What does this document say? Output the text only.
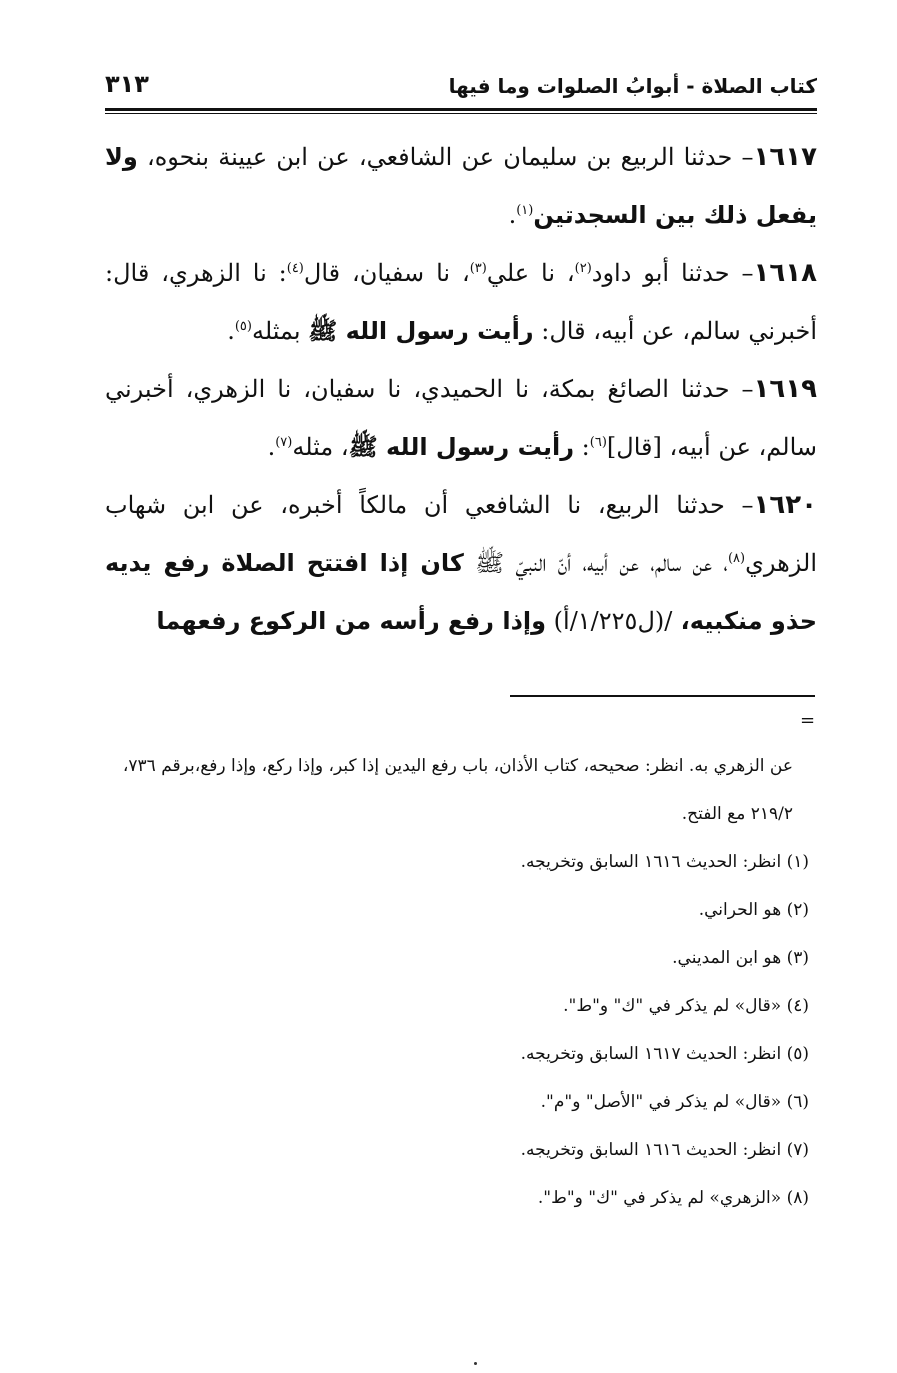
كتاب الصلاة - أبوابُ الصلوات وما فيها
٣١٣

١٦١٧– حدثنا الربيع بن سليمان عن الشافعي، عن ابن عيينة بنحوه، ولا يفعل ذلك بين السجدتين$^{(١)}$.

١٦١٨– حدثنا أبو داود$^{(٢)}$، نا علي$^{(٣)}$، نا سفيان، قال$^{(٤)}$: نا الزهري، قال: أخبرني سالم، عن أبيه، قال: رأيت رسول الله ﷺ بمثله$^{(٥)}$.

١٦١٩– حدثنا الصائغ بمكة، نا الحميدي، نا سفيان، نا الزهري، أخبرني سالم، عن أبيه، [قال]$^{(٦)}$: رأيت رسول الله ﷺ، مثله$^{(٧)}$.

١٦٢٠– حدثنا الربيع، نا الشافعي أن مالكاً أخبره، عن ابن شهاب الزهري$^{(٨)}$، عن سالم، عن أبيه، أنّ النبيّ ﷺ كان إذا افتتح الصلاة رفع يديه حذو منكبيه، /(ل١/٢٢٥/أ) وإذا رفع رأسه من الركوع رفعهما

=

عن الزهري به. انظر: صحيحه، كتاب الأذان، باب رفع اليدين إذا كبر، وإذا ركع، وإذا رفع،برقم ٧٣٦، ٢١٩/٢ مع الفتح.

(١) انظر: الحديث ١٦١٦ السابق وتخريجه.

(٢) هو الحراني.

(٣) هو ابن المديني.

(٤) «قال» لم يذكر في "ك" و"ط".

(٥) انظر: الحديث ١٦١٧ السابق وتخريجه.

(٦) «قال» لم يذكر في "الأصل" و"م".

(٧) انظر: الحديث ١٦١٦ السابق وتخريجه.

(٨) «الزهري» لم يذكر في "ك" و"ط".
